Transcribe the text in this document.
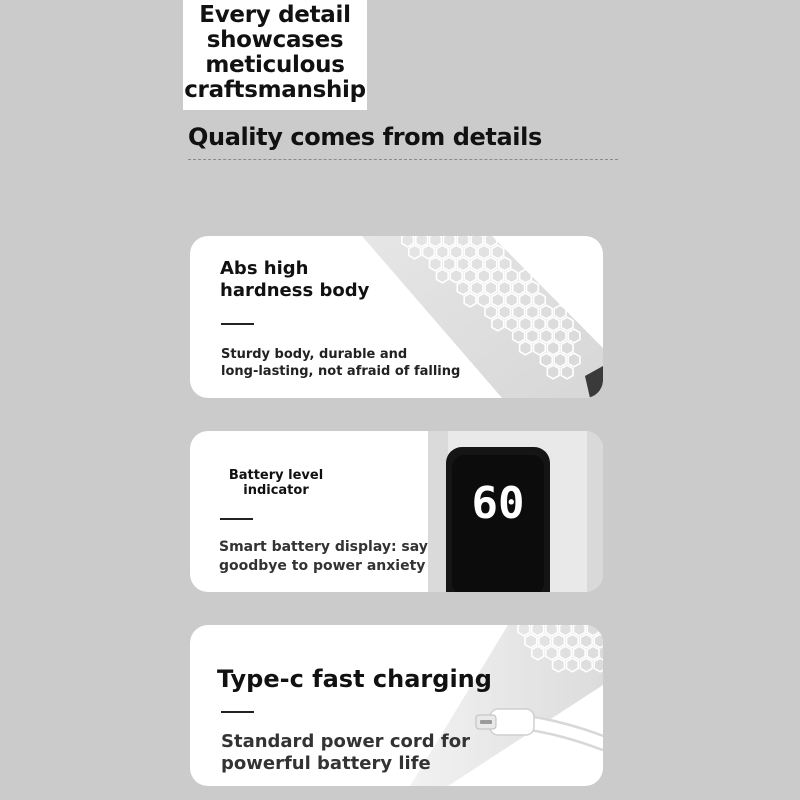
Every detail
showcases
meticulous
craftsmanship
Quality comes from details

Abs high
hardness body

Sturdy body, durable and
long-lasting, not afraid of falling

60

Battery level
indicator

Smart battery display: say
goodbye to power anxiety

Type-c fast charging

Standard power cord for
powerful battery life
